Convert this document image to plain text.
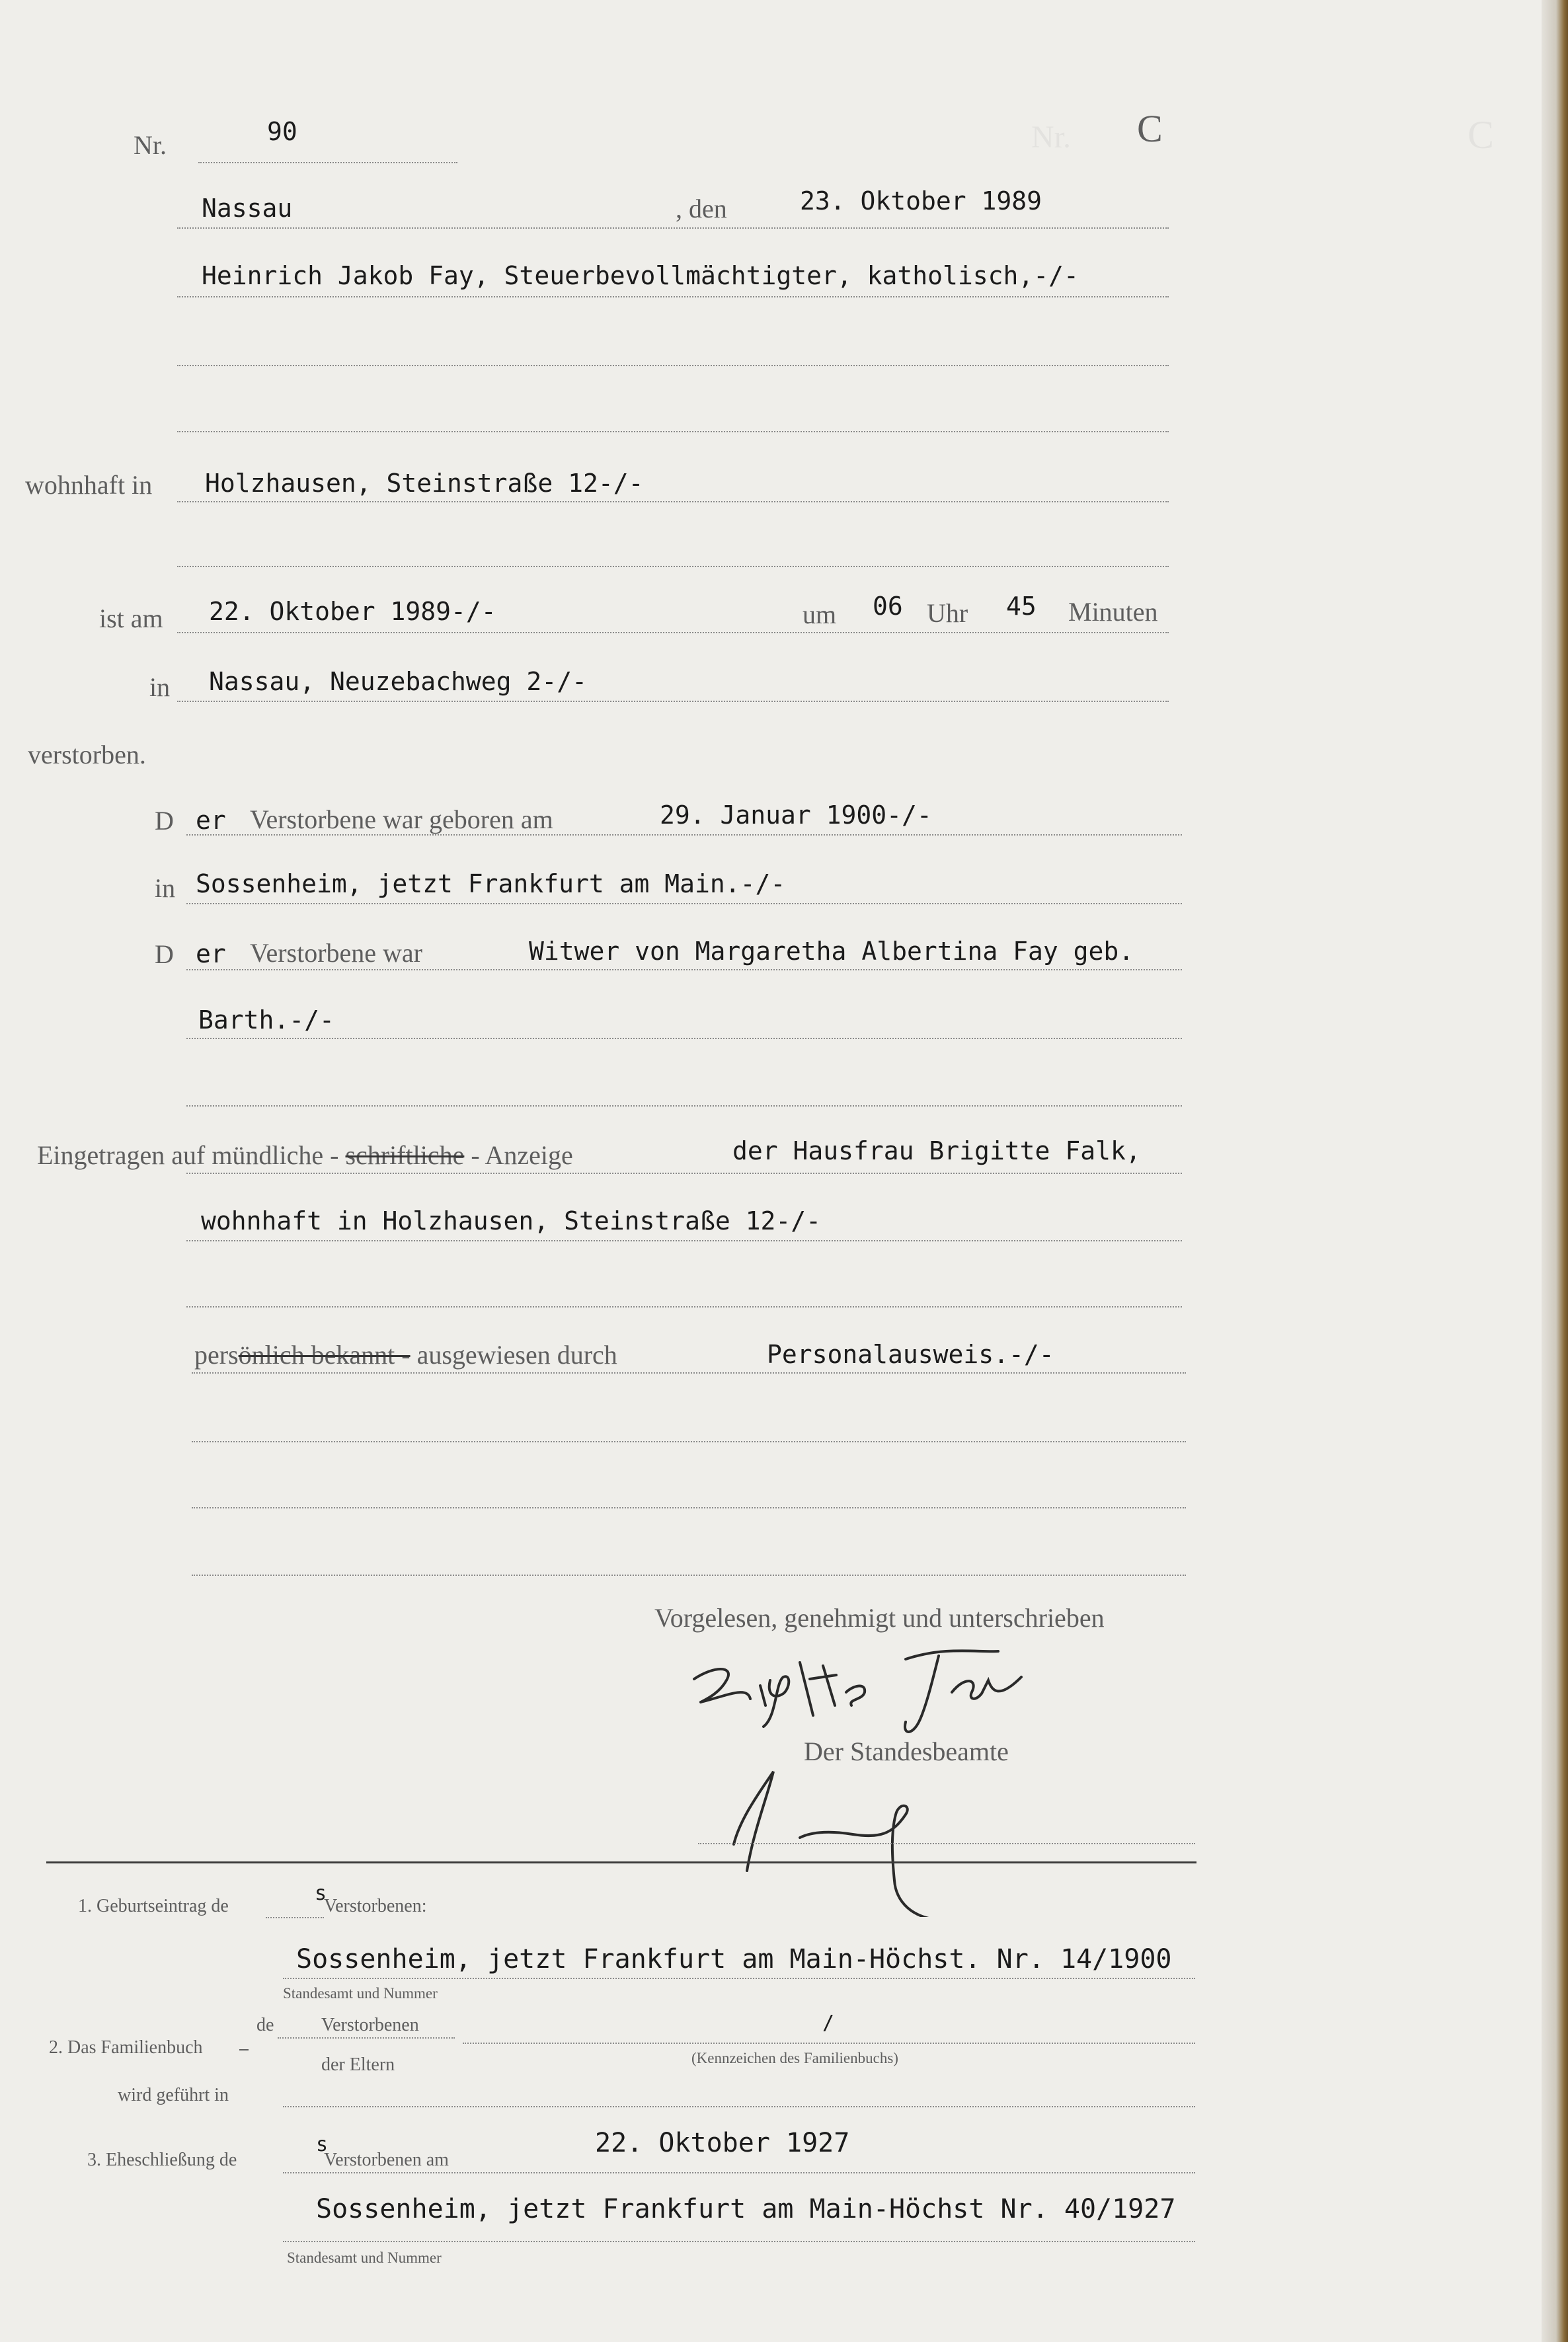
Nr.	90	C
Nassau	, den	23. Oktober 1989
Heinrich Jakob Fay, Steuerbevollmächtigter, katholisch,-/-
wohnhaft in Holzhausen, Steinstraße 12-/-
ist am 22. Oktober 1989-/-	um 06 Uhr 45 Minuten
in Nassau, Neuzebachweg 2-/-
verstorben.
D er Verstorbene war geboren am	29. Januar 1900-/-
in Sossenheim, jetzt Frankfurt am Main.-/-
D er Verstorbene war	Witwer von Margaretha Albertina Fay geb.
Barth.-/-
Eingetragen auf mündliche - schriftliche - Anzeige	der Hausfrau Brigitte Falk,
wohnhaft in Holzhausen, Steinstraße 12-/-
persönlich bekannt - ausgewiesen durch	Personalausweis.-/-
Vorgelesen, genehmigt und unterschrieben
Der Standesbeamte
1. Geburtseintrag de
s
Verstorbenen:
Sossenheim, jetzt Frankfurt am Main-Höchst. Nr. 14/1900
Standesamt und Nummer
2. Das Familienbuch
de	Verstorbenen
der Eltern
/
(Kennzeichen des Familienbuchs)
wird geführt in
3. Eheschließung de
s
Verstorbenen am
22. Oktober 1927
Sossenheim, jetzt Frankfurt am Main-Höchst Nr. 40/1927
Standesamt und Nummer
